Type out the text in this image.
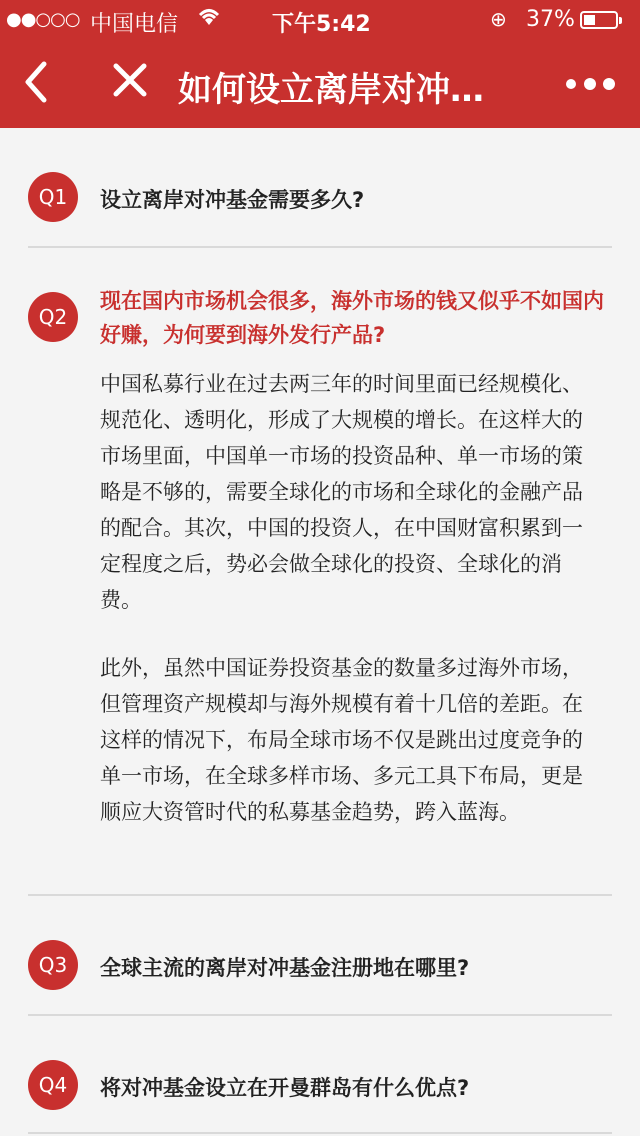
●●○○○ 中国电信	下午5:42	⊕ 37%
如何设立离岸对冲…
Q1	设立离岸对冲基金需要多久?
Q2
现在国内市场机会很多，海外市场的钱又似乎不如国内好赚，为何要到海外发行产品?
中国私募行业在过去两三年的时间里面已经规模化、规范化、透明化，形成了大规模的增长。在这样大的市场里面，中国单一市场的投资品种、单一市场的策略是不够的，需要全球化的市场和全球化的金融产品的配合。其次，中国的投资人，在中国财富积累到一定程度之后，势必会做全球化的投资、全球化的消费。
此外，虽然中国证券投资基金的数量多过海外市场，但管理资产规模却与海外规模有着十几倍的差距。在这样的情况下，布局全球市场不仅是跳出过度竞争的单一市场，在全球多样市场、多元工具下布局，更是顺应大资管时代的私募基金趋势，跨入蓝海。
Q3	全球主流的离岸对冲基金注册地在哪里?
Q4	将对冲基金设立在开曼群岛有什么优点?
